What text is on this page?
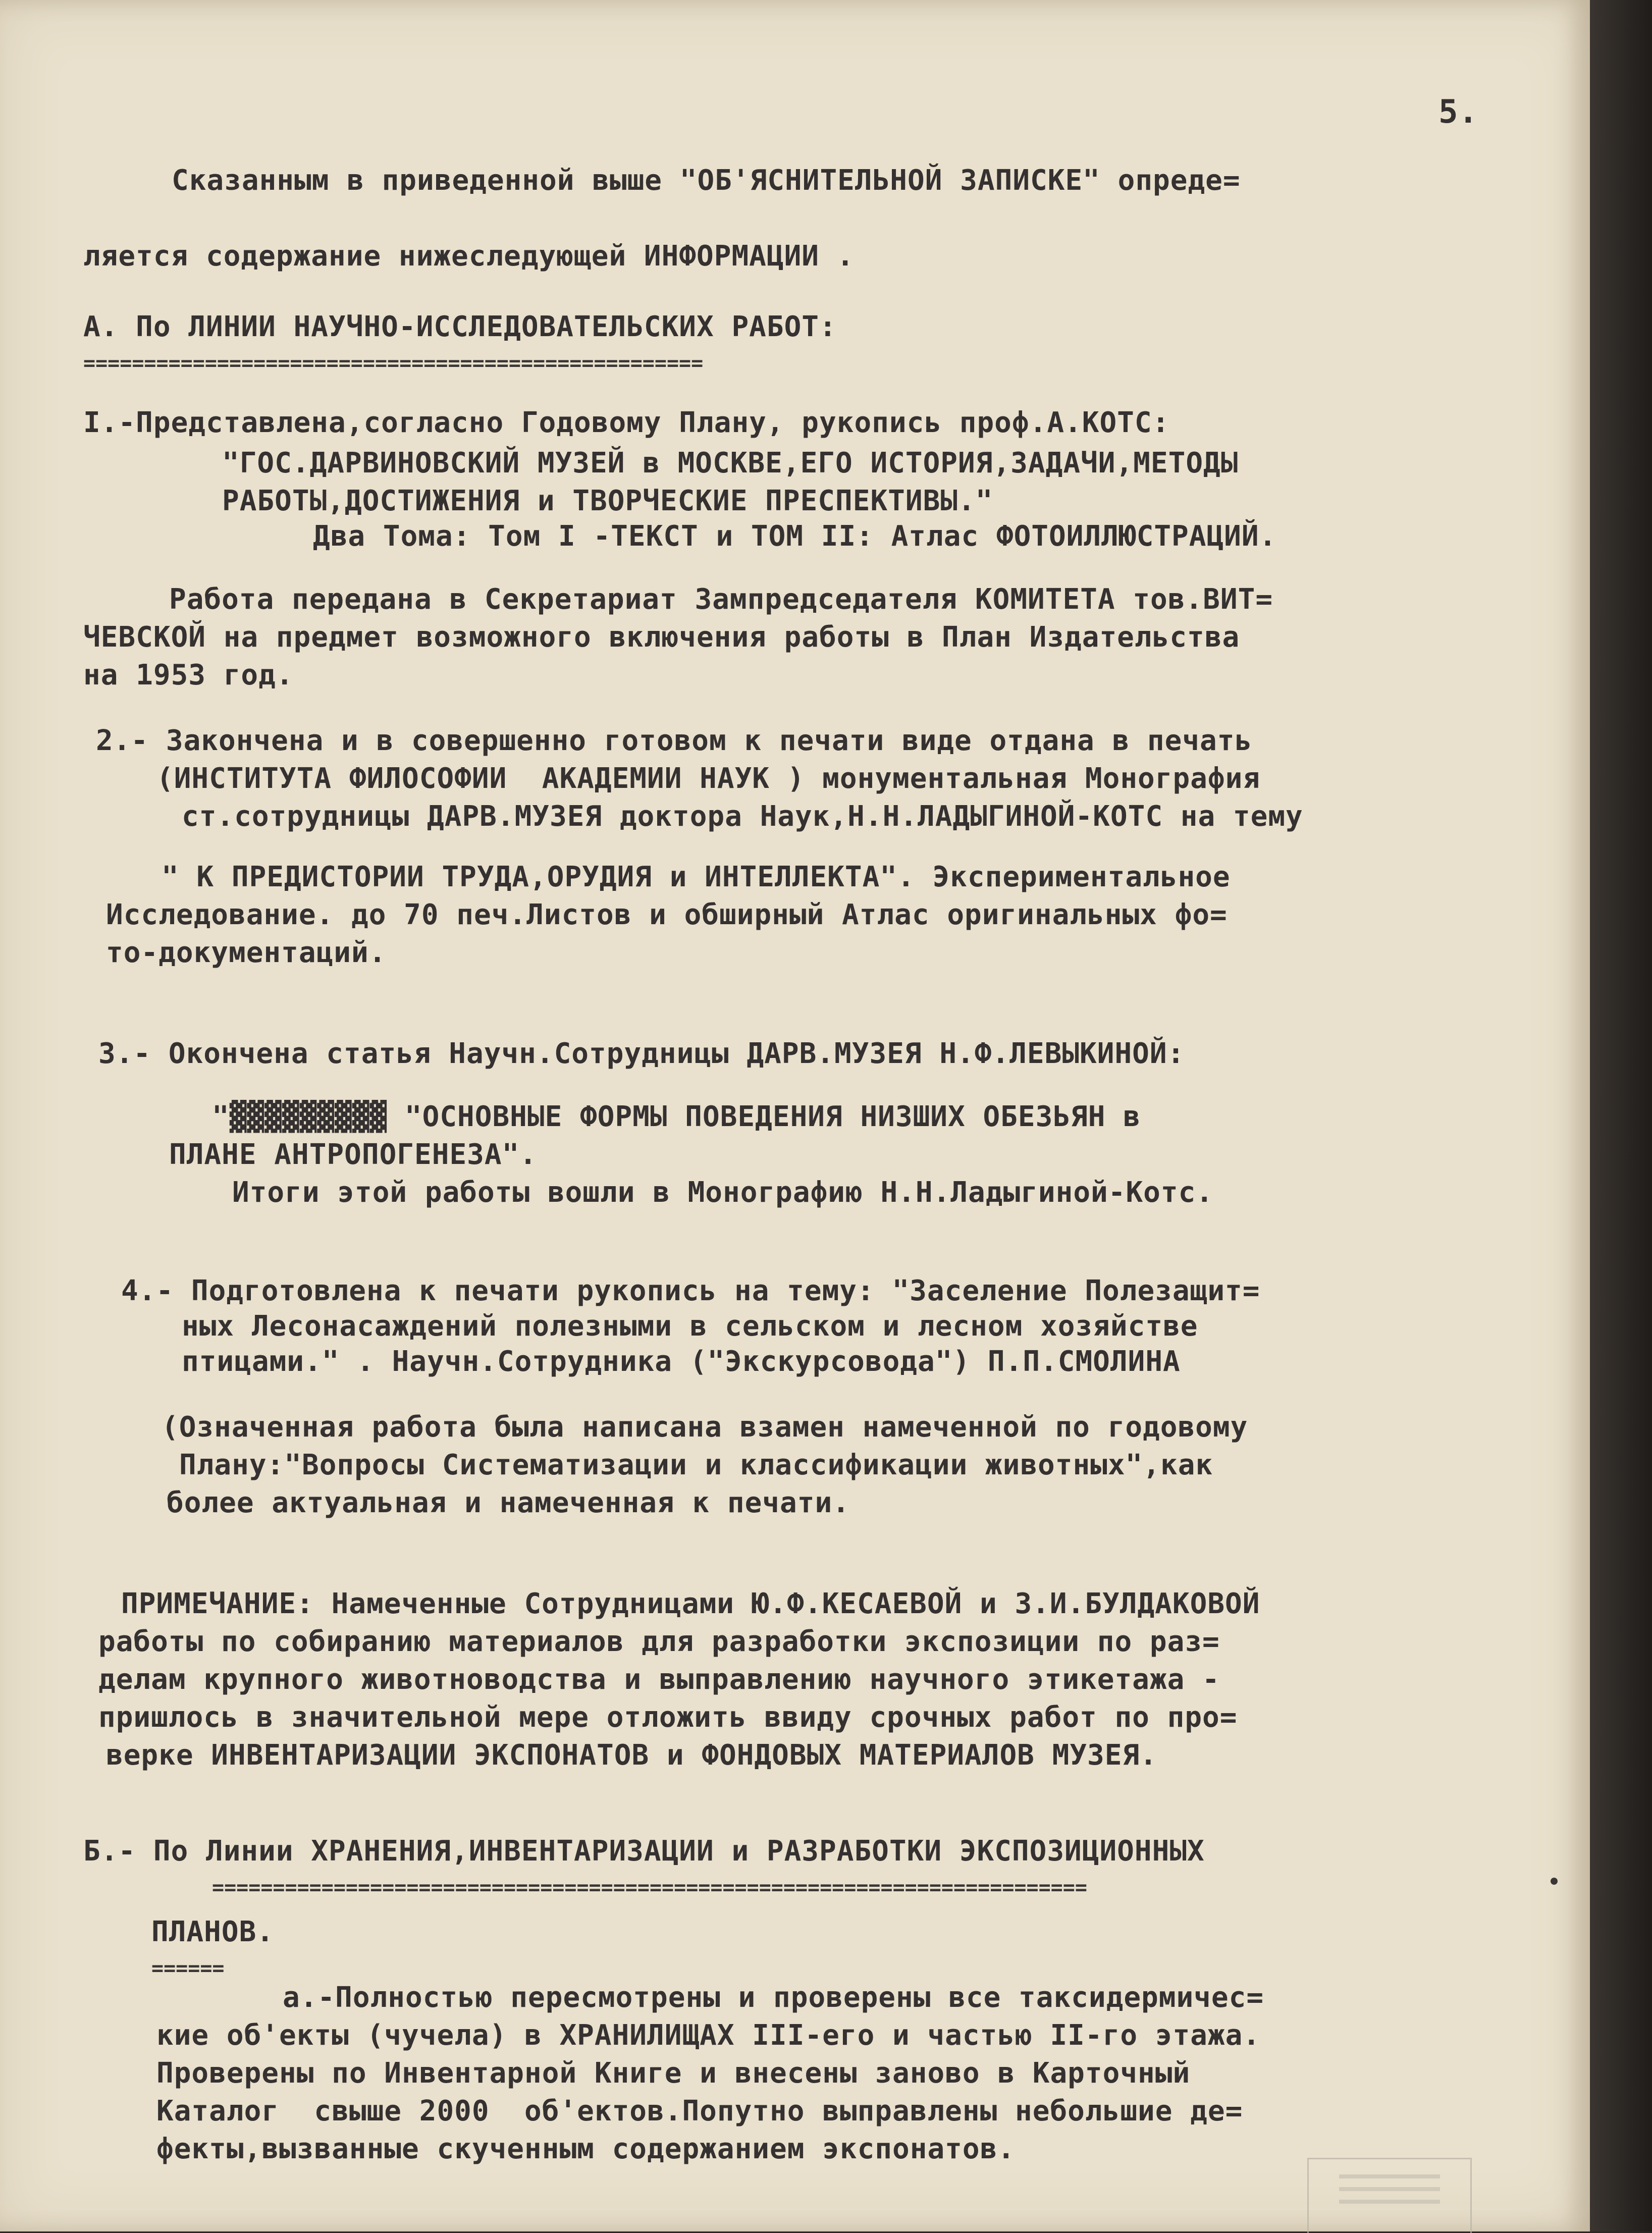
5.
Сказанным в приведенной выше "ОБ'ЯСНИТЕЛЬНОЙ ЗАПИСКЕ" опреде=
ляется содержание нижеследующей ИНФОРМАЦИИ .
А. По ЛИНИИ НАУЧНО-ИССЛЕДОВАТЕЛЬСКИХ РАБОТ:
===================================================
I.-Представлена,согласно Годовому Плану, рукопись проф.А.КОТС:
"ГОС.ДАРВИНОВСКИЙ МУЗЕЙ в МОСКВЕ,ЕГО ИСТОРИЯ,ЗАДАЧИ,МЕТОДЫ
РАБОТЫ,ДОСТИЖЕНИЯ и ТВОРЧЕСКИЕ ПРЕСПЕКТИВЫ."
Два Тома: Том I -ТЕКСТ и ТОМ II: Атлас ФОТОИЛЛЮСТРАЦИЙ.
Работа передана в Секретариат Зампредседателя КОМИТЕТА тов.ВИТ=
ЧЕВСКОЙ на предмет возможного включения работы в План Издательства
на 1953 год.
2.- Закончена и в совершенно готовом к печати виде отдана в печать
(ИНСТИТУТА ФИЛОСОФИИ  АКАДЕМИИ НАУК ) монументальная Монография
ст.сотрудницы ДАРВ.МУЗЕЯ доктора Наук,Н.Н.ЛАДЫГИНОЙ-КОТС на тему
" К ПРЕДИСТОРИИ ТРУДА,ОРУДИЯ и ИНТЕЛЛЕКТА". Экспериментальное
Исследование. до 70 печ.Листов и обширный Атлас оригинальных фо=
то-документаций.
3.- Окончена статья Научн.Сотрудницы ДАРВ.МУЗЕЯ Н.Ф.ЛЕВЫКИНОЙ:
"▓▓▓▓▓▓▓▓▓ "ОСНОВНЫЕ ФОРМЫ ПОВЕДЕНИЯ НИЗШИХ ОБЕЗЬЯН в
ПЛАНЕ АНТРОПОГЕНЕЗА".
Итоги этой работы вошли в Монографию Н.Н.Ладыгиной-Котс.
4.- Подготовлена к печати рукопись на тему: "Заселение Полезащит=
ных Лесонасаждений полезными в сельском и лесном хозяйстве
птицами." . Научн.Сотрудника ("Экскурсовода") П.П.СМОЛИНА
(Означенная работа была написана взамен намеченной по годовому
Плану:"Вопросы Систематизации и классификации животных",как
более актуальная и намеченная к печати.
ПРИМЕЧАНИЕ: Намеченные Сотрудницами Ю.Ф.КЕСАЕВОЙ и З.И.БУЛДАКОВОЙ
работы по собиранию материалов для разработки экспозиции по раз=
делам крупного животноводства и выправлению научного этикетажа -
пришлось в значительной мере отложить ввиду срочных работ по про=
верке ИНВЕНТАРИЗАЦИИ ЭКСПОНАТОВ и ФОНДОВЫХ МАТЕРИАЛОВ МУЗЕЯ.
Б.- По Линии ХРАНЕНИЯ,ИНВЕНТАРИЗАЦИИ и РАЗРАБОТКИ ЭКСПОЗИЦИОННЫХ
========================================================================
ПЛАНОВ.
======
а.-Полностью пересмотрены и проверены все таксидермичес=
кие об'екты (чучела) в ХРАНИЛИЩАХ III-его и частью II-го этажа.
Проверены по Инвентарной Книге и внесены заново в Карточный
Каталог  свыше 2000  об'ектов.Попутно выправлены небольшие де=
фекты,вызванные скученным содержанием экспонатов.
